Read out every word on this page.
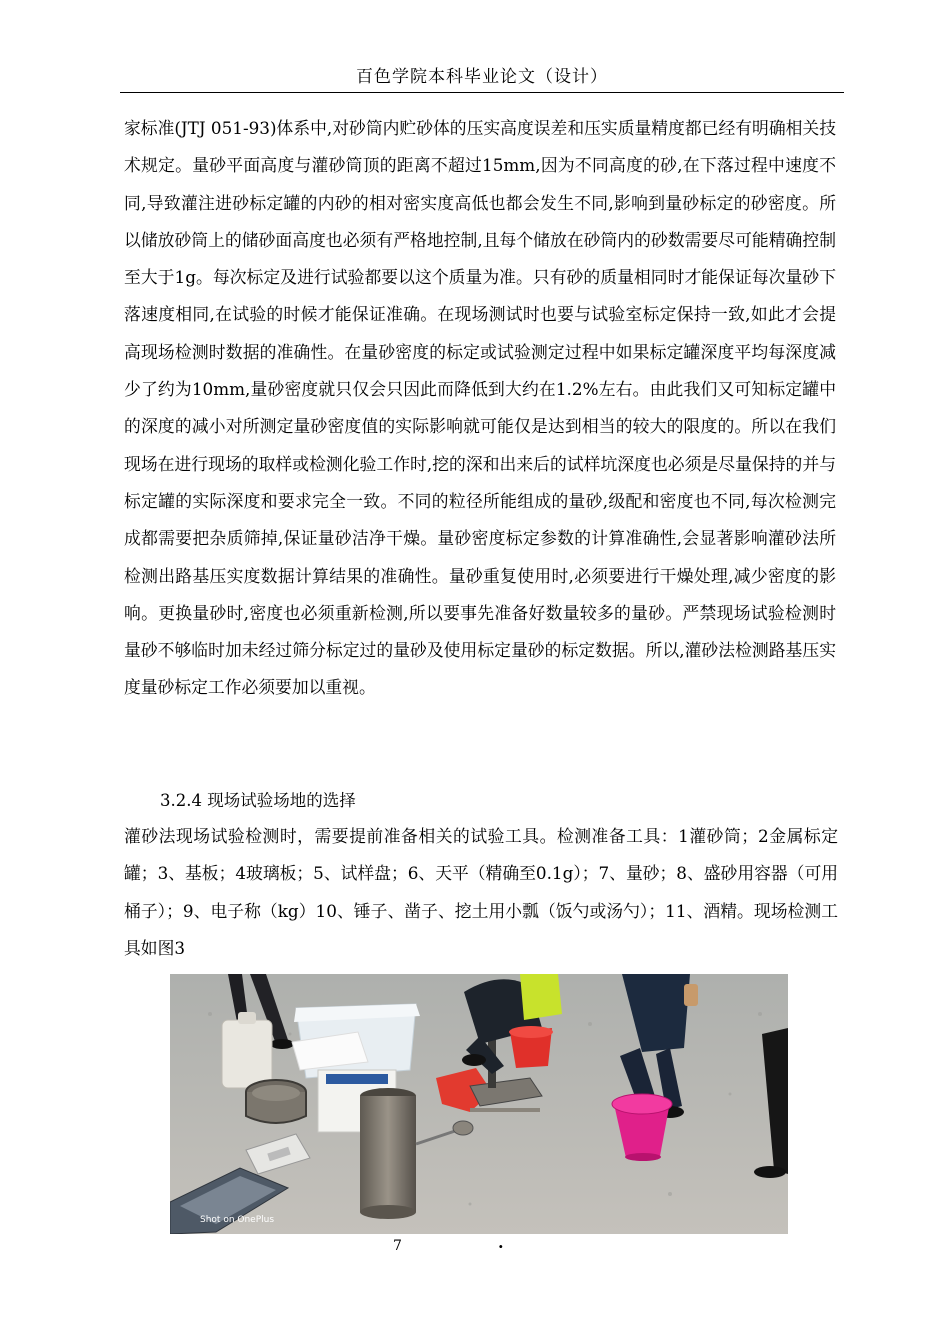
百色学院本科毕业论文（设计）

家标准(JTJ 051-93)体系中,对砂筒内贮砂体的压实高度误差和压实质量精度都已经有明确相关技术规定。量砂平面高度与灌砂筒顶的距离不超过15mm,因为不同高度的砂,在下落过程中速度不同,导致灌注进砂标定罐的内砂的相对密实度高低也都会发生不同,影响到量砂标定的砂密度。所以储放砂筒上的储砂面高度也必须有严格地控制,且每个储放在砂筒内的砂数需要尽可能精确控制至大于1g。每次标定及进行试验都要以这个质量为准。只有砂的质量相同时才能保证每次量砂下落速度相同,在试验的时候才能保证准确。在现场测试时也要与试验室标定保持一致,如此才会提高现场检测时数据的准确性。在量砂密度的标定或试验测定过程中如果标定罐深度平均每深度减少了约为10mm,量砂密度就只仅会只因此而降低到大约在1.2%左右。由此我们又可知标定罐中的深度的减小对所测定量砂密度值的实际影响就可能仅是达到相当的较大的限度的。所以在我们现场在进行现场的取样或检测化验工作时,挖的深和出来后的试样坑深度也必须是尽量保持的并与标定罐的实际深度和要求完全一致。不同的粒径所能组成的量砂,级配和密度也不同,每次检测完成都需要把杂质筛掉,保证量砂洁净干燥。量砂密度标定参数的计算准确性,会显著影响灌砂法所检测出路基压实度数据计算结果的准确性。量砂重复使用时,必须要进行干燥处理,减少密度的影响。更换量砂时,密度也必须重新检测,所以要事先准备好数量较多的量砂。严禁现场试验检测时量砂不够临时加未经过筛分标定过的量砂及使用标定量砂的标定数据。所以,灌砂法检测路基压实度量砂标定工作必须要加以重视。

3.2.4 现场试验场地的选择

灌砂法现场试验检测时，需要提前准备相关的试验工具。检测准备工具：1灌砂筒；2金属标定罐；3、基板；4玻璃板；5、试样盘；6、天平（精确至0.1g）；7、量砂；8、盛砂用容器（可用桶子）；9、电子称（kg）10、锤子、凿子、挖土用小瓢（饭勺或汤勺）；11、酒精。现场检测工具如图3

Shot on OnePlus
7	.
